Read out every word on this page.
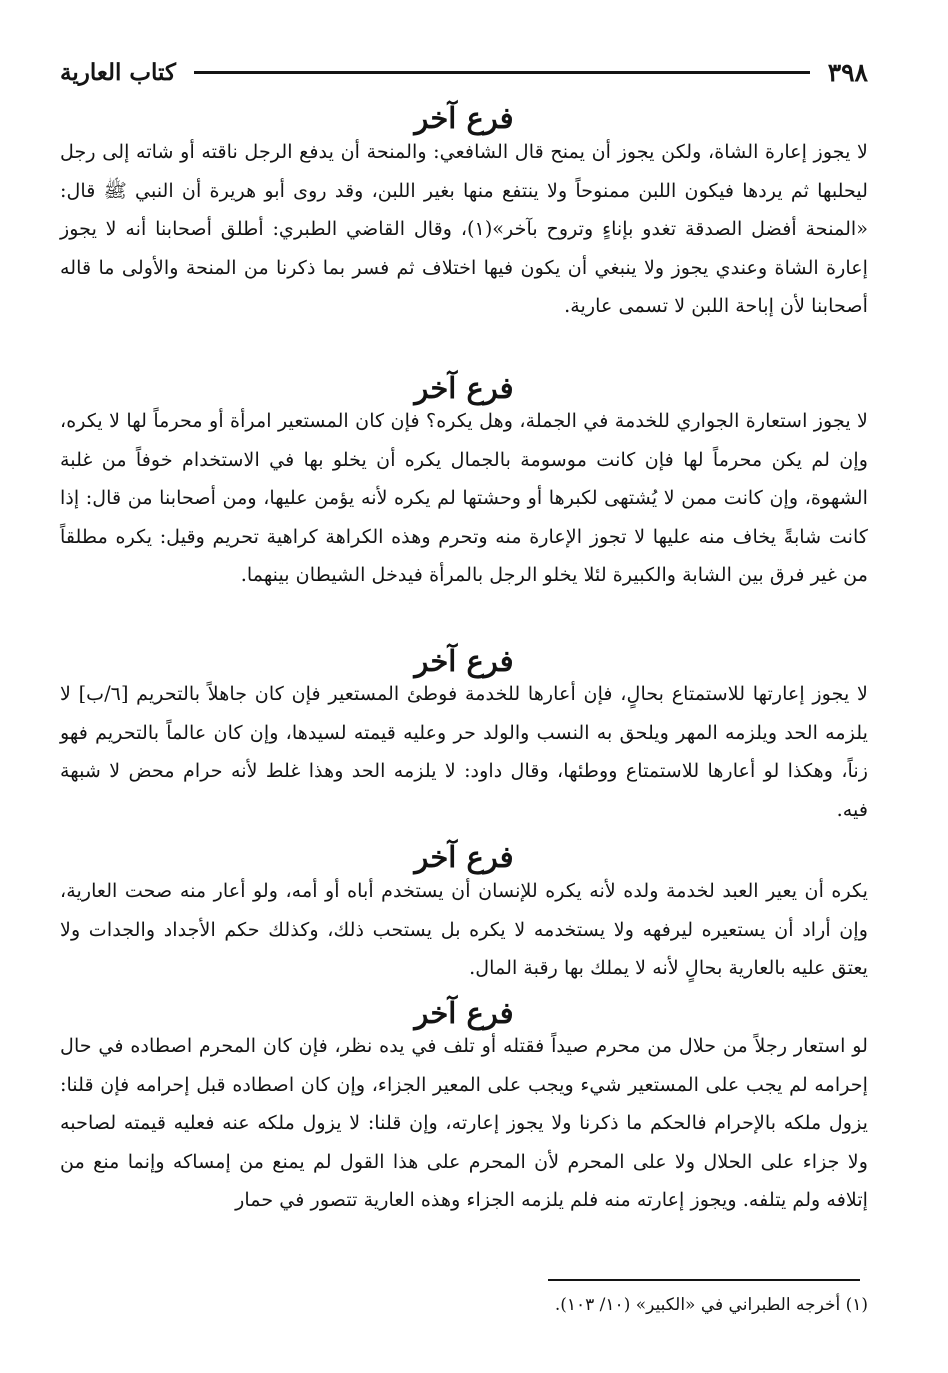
٣٩٨
كتاب العارية
فرع آخر

لا يجوز إعارة الشاة، ولكن يجوز أن يمنح قال الشافعي: والمنحة أن يدفع الرجل ناقته أو شاته إلى رجل ليحلبها ثم يردها فيكون اللبن ممنوحاً ولا ينتفع منها بغير اللبن، وقد روى أبو هريرة أن النبي ﷺ قال: «المنحة أفضل الصدقة تغدو بإناءٍ وتروح بآخر»(١)، وقال القاضي الطبري: أطلق أصحابنا أنه لا يجوز إعارة الشاة وعندي يجوز ولا ينبغي أن يكون فيها اختلاف ثم فسر بما ذكرنا من المنحة والأولى ما قاله أصحابنا لأن إباحة اللبن لا تسمى عارية.

فرع آخر

لا يجوز استعارة الجواري للخدمة في الجملة، وهل يكره؟ فإن كان المستعير امرأة أو محرماً لها لا يكره، وإن لم يكن محرماً لها فإن كانت موسومة بالجمال يكره أن يخلو بها في الاستخدام خوفاً من غلبة الشهوة، وإن كانت ممن لا يُشتهى لكبرها أو وحشتها لم يكره لأنه يؤمن عليها، ومن أصحابنا من قال: إذا كانت شابةً يخاف منه عليها لا تجوز الإعارة منه وتحرم وهذه الكراهة كراهية تحريم وقيل: يكره مطلقاً من غير فرق بين الشابة والكبيرة لئلا يخلو الرجل بالمرأة فيدخل الشيطان بينهما.

فرع آخر

لا يجوز إعارتها للاستمتاع بحالٍ، فإن أعارها للخدمة فوطئ المستعير فإن كان جاهلاً بالتحريم [٦/ب] لا يلزمه الحد ويلزمه المهر ويلحق به النسب والولد حر وعليه قيمته لسيدها، وإن كان عالماً بالتحريم فهو زناً، وهكذا لو أعارها للاستمتاع ووطئها، وقال داود: لا يلزمه الحد وهذا غلط لأنه حرام محض لا شبهة فيه.

فرع آخر

يكره أن يعير العبد لخدمة ولده لأنه يكره للإنسان أن يستخدم أباه أو أمه، ولو أعار منه صحت العارية، وإن أراد أن يستعيره ليرفهه ولا يستخدمه لا يكره بل يستحب ذلك، وكذلك حكم الأجداد والجدات ولا يعتق عليه بالعارية بحالٍ لأنه لا يملك بها رقبة المال.

فرع آخر

لو استعار رجلاً من حلال من محرم صيداً فقتله أو تلف في يده نظر، فإن كان المحرم اصطاده في حال إحرامه لم يجب على المستعير شيء ويجب على المعير الجزاء، وإن كان اصطاده قبل إحرامه فإن قلنا: يزول ملكه بالإحرام فالحكم ما ذكرنا ولا يجوز إعارته، وإن قلنا: لا يزول ملكه عنه فعليه قيمته لصاحبه ولا جزاء على الحلال ولا على المحرم لأن المحرم على هذا القول لم يمنع من إمساكه وإنما منع من إتلافه ولم يتلفه. ويجوز إعارته منه فلم يلزمه الجزاء وهذه العارية تتصور في حمار

(١) أخرجه الطبراني في «الكبير» (١٠/ ١٠٣).
